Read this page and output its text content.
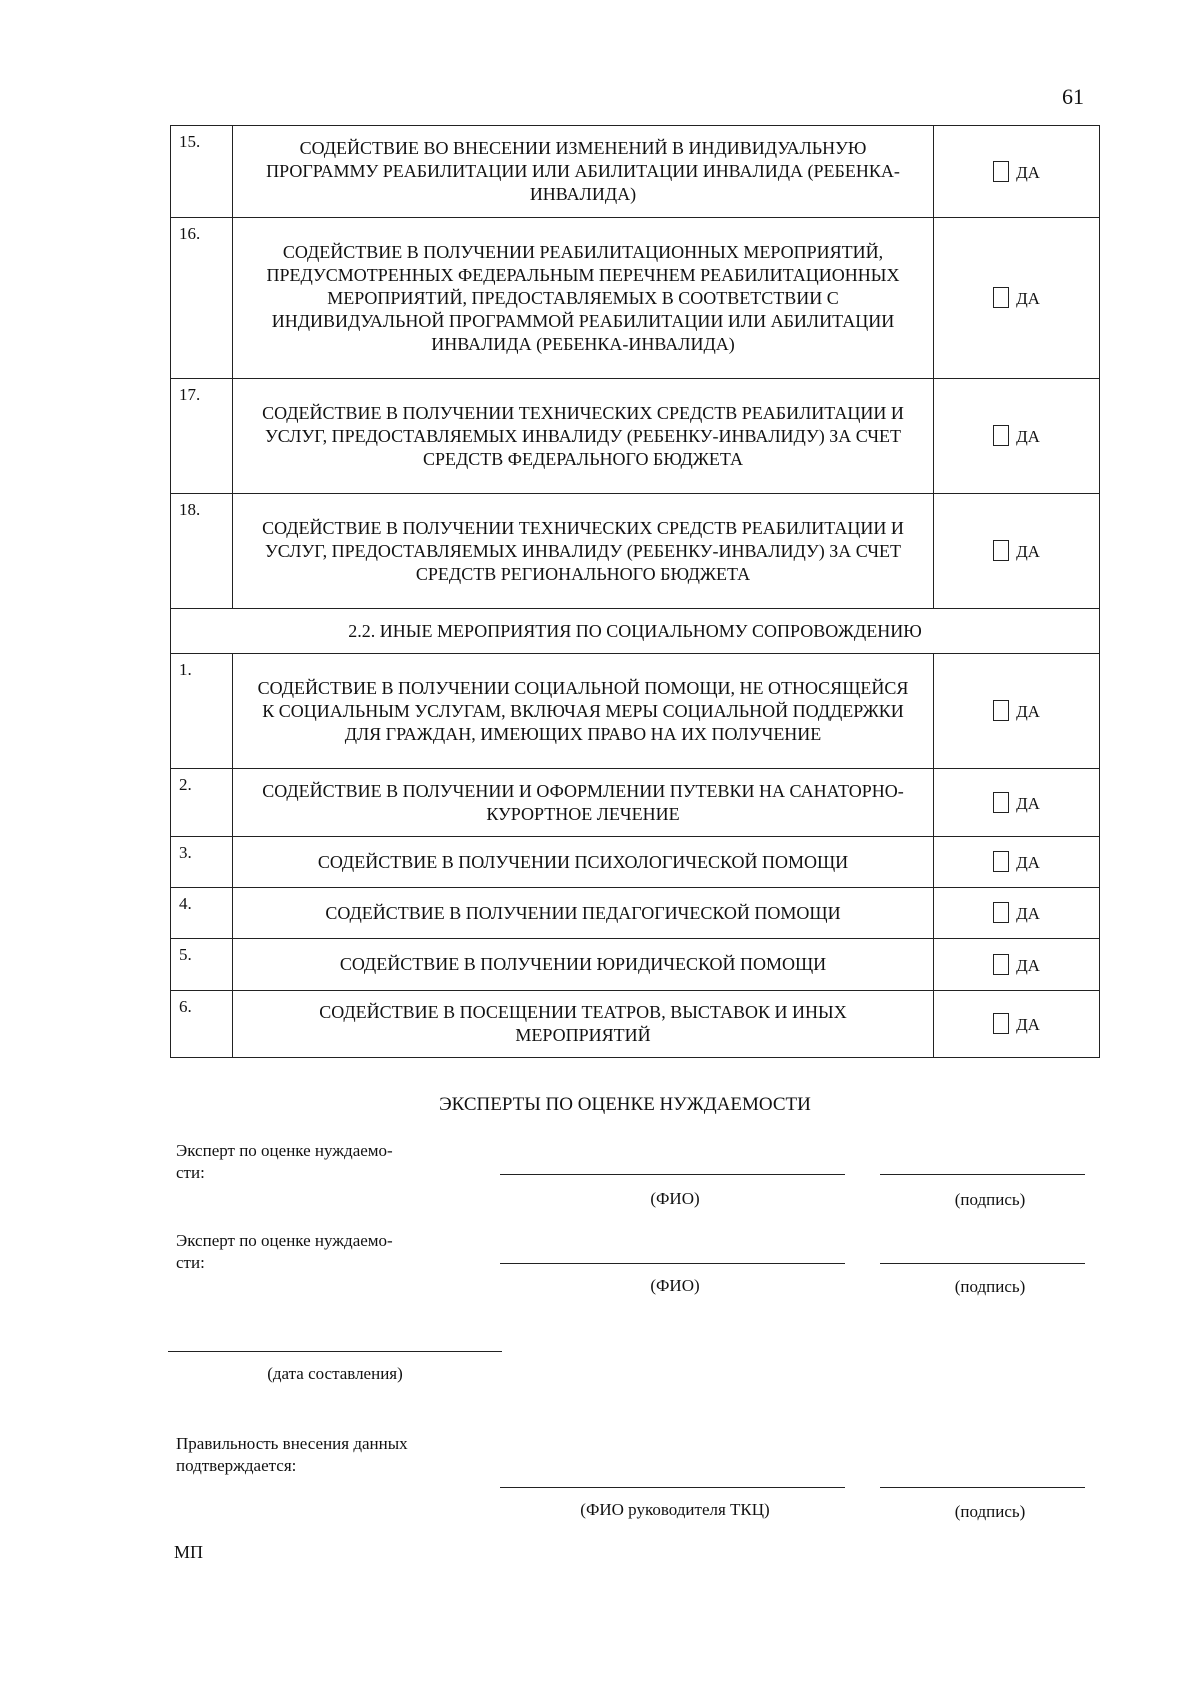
61
15.	СОДЕЙСТВИЕ ВО ВНЕСЕНИИ ИЗМЕНЕНИЙ В ИНДИВИДУАЛЬНУЮ ПРОГРАММУ РЕАБИЛИТАЦИИ ИЛИ АБИЛИТАЦИИ ИНВАЛИДА (РЕБЕНКА-ИНВАЛИДА)	ДА
16.	СОДЕЙСТВИЕ В ПОЛУЧЕНИИ РЕАБИЛИТАЦИОННЫХ МЕРОПРИЯТИЙ, ПРЕДУСМОТРЕННЫХ ФЕДЕРАЛЬНЫМ ПЕРЕЧНЕМ РЕАБИЛИТАЦИОННЫХ МЕРОПРИЯТИЙ, ПРЕДОСТАВЛЯЕМЫХ В СООТВЕТСТВИИ С ИНДИВИДУАЛЬНОЙ ПРОГРАММОЙ РЕАБИЛИТАЦИИ ИЛИ АБИЛИТАЦИИ ИНВАЛИДА (РЕБЕНКА-ИНВАЛИДА)	ДА
17.	СОДЕЙСТВИЕ В ПОЛУЧЕНИИ ТЕХНИЧЕСКИХ СРЕДСТВ РЕАБИЛИТАЦИИ И УСЛУГ, ПРЕДОСТАВЛЯЕМЫХ ИНВАЛИДУ (РЕБЕНКУ-ИНВАЛИДУ) ЗА СЧЕТ СРЕДСТВ ФЕДЕРАЛЬНОГО БЮДЖЕТА	ДА
18.	СОДЕЙСТВИЕ В ПОЛУЧЕНИИ ТЕХНИЧЕСКИХ СРЕДСТВ РЕАБИЛИТАЦИИ И УСЛУГ, ПРЕДОСТАВЛЯЕМЫХ ИНВАЛИДУ (РЕБЕНКУ-ИНВАЛИДУ) ЗА СЧЕТ СРЕДСТВ РЕГИОНАЛЬНОГО БЮДЖЕТА	ДА
2.2. ИНЫЕ МЕРОПРИЯТИЯ ПО СОЦИАЛЬНОМУ СОПРОВОЖДЕНИЮ		
1.	СОДЕЙСТВИЕ В ПОЛУЧЕНИИ СОЦИАЛЬНОЙ ПОМОЩИ, НЕ ОТНОСЯЩЕЙСЯ К СОЦИАЛЬНЫМ УСЛУГАМ, ВКЛЮЧАЯ МЕРЫ СОЦИАЛЬНОЙ ПОДДЕРЖКИ ДЛЯ ГРАЖДАН, ИМЕЮЩИХ ПРАВО НА ИХ ПОЛУЧЕНИЕ	ДА
2.	СОДЕЙСТВИЕ В ПОЛУЧЕНИИ И ОФОРМЛЕНИИ ПУТЕВКИ НА САНАТОРНО-КУРОРТНОЕ ЛЕЧЕНИЕ	ДА
3.	СОДЕЙСТВИЕ В ПОЛУЧЕНИИ ПСИХОЛОГИЧЕСКОЙ ПОМОЩИ	ДА
4.	СОДЕЙСТВИЕ В ПОЛУЧЕНИИ ПЕДАГОГИЧЕСКОЙ ПОМОЩИ	ДА
5.	СОДЕЙСТВИЕ В ПОЛУЧЕНИИ ЮРИДИЧЕСКОЙ ПОМОЩИ	ДА
6.	СОДЕЙСТВИЕ В ПОСЕЩЕНИИ ТЕАТРОВ, ВЫСТАВОК И ИНЫХ МЕРОПРИЯТИЙ	ДА
ЭКСПЕРТЫ ПО ОЦЕНКЕ НУЖДАЕМОСТИ
Эксперт по оценке нуждаемо-
сти:
(ФИО)	(подпись)
Эксперт по оценке нуждаемо-
сти:
(ФИО)	(подпись)
(дата составления)
Правильность внесения данных
подтверждается:
(ФИО руководителя ТКЦ)	(подпись)
МП
